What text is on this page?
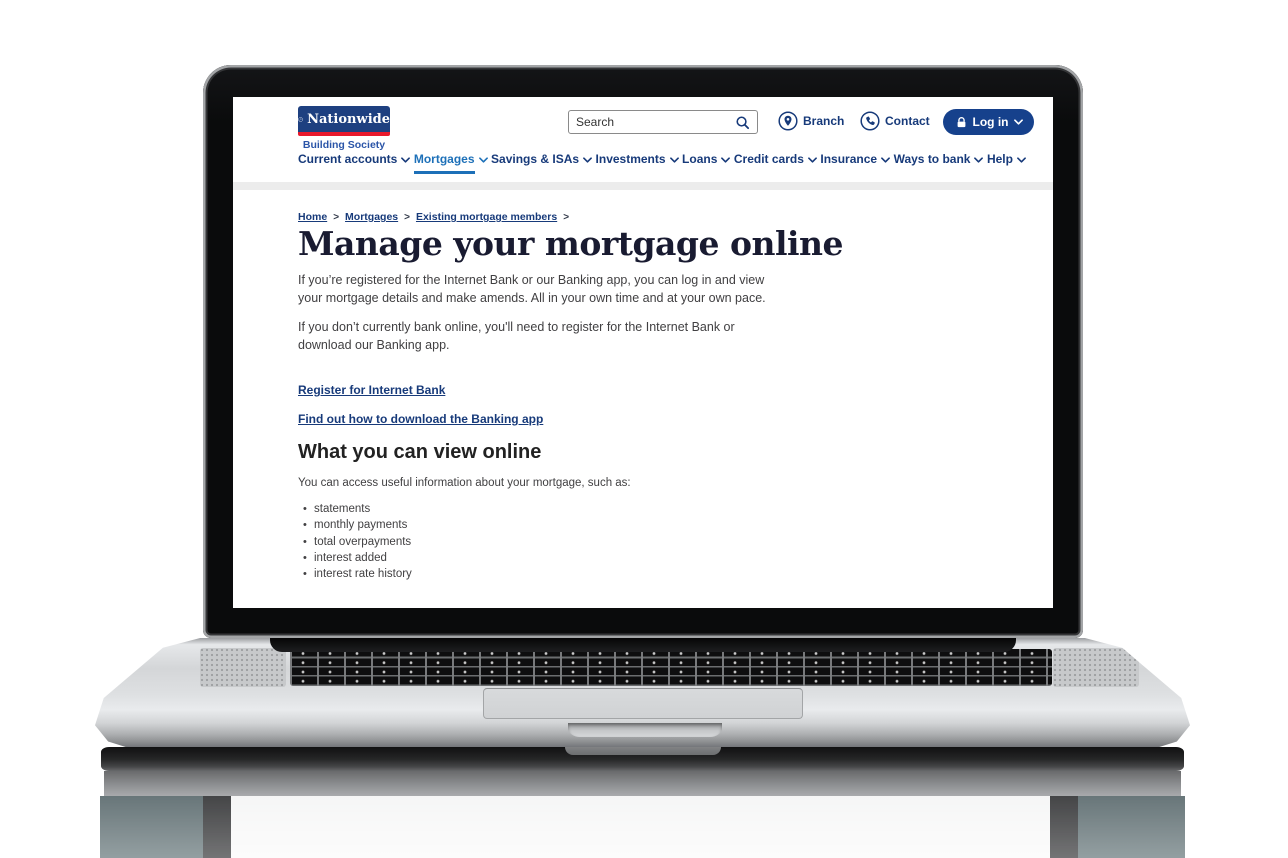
Nationwide
Building Society
Search
Branch	Contact	Log in
Current accounts Mortgages Savings & ISAs Investments Loans Credit cards Insurance Ways to bank Help
Home > Mortgages > Existing mortgage members >
Manage your mortgage online

If you’re registered for the Internet Bank or our Banking app, you can log in and view your mortgage details and make amends. All in your own time and at your own pace.

If you don’t currently bank online, you'll need to register for the Internet Bank or download our Banking app.

Register for Internet Bank
Find out how to download the Banking app
What you can view online

You can access useful information about your mortgage, such as:

• statements
• monthly payments
• total overpayments
• interest added
• interest rate history
